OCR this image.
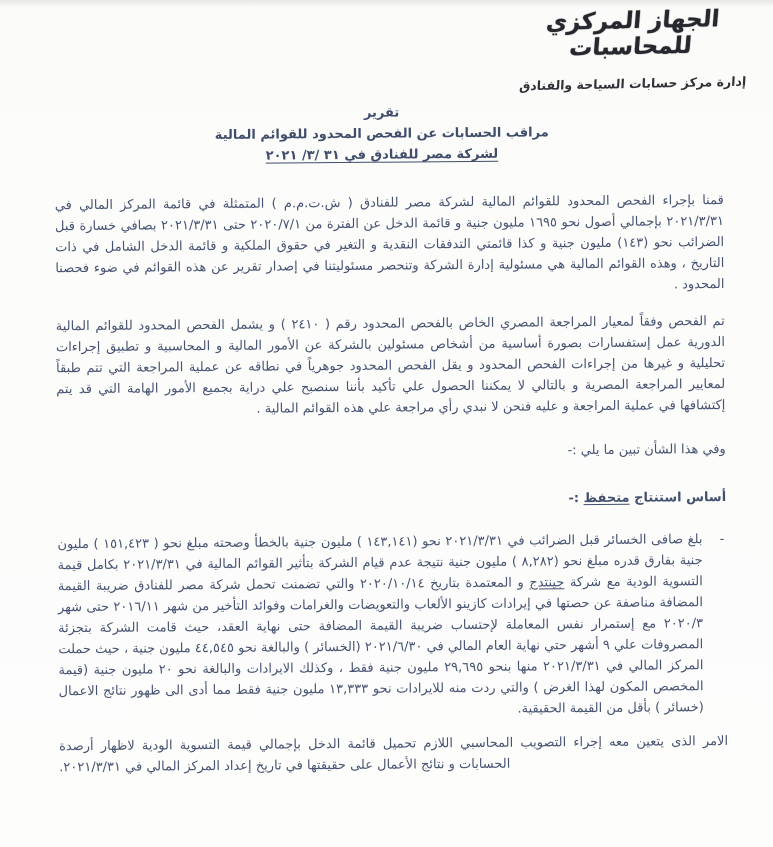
الجهاز المركزي للمحاسبات
إدارة مركز حسابات السياحة والفنادق
تقرير
مراقب الحسابات عن الفحص المحدود للقوائم المالية
لشركة مصر للفنادق في ٣١ /٣/ ٢٠٢١

قمنا بإجراء الفحص المحدود للقوائم المالية لشركة مصر للفنادق ( ش.ت.م.م ) المتمثلة في قائمة المركز المالي في ٢٠٢١/٣/٣١ بإجمالي أصول نحو ١٦٩٥ مليون جنية و قائمة الدخل عن الفترة من ٢٠٢٠/٧/١ حتى ٢٠٢١/٣/٣١ بصافي خسارة قبل الضرائب نحو (١٤٣) مليون جنية و كذا قائمتي التدفقات النقدية و التغير في حقوق الملكية و قائمة الدخل الشامل في ذات التاريخ ، وهذه القوائم المالية هي مسئولية إدارة الشركة وتنحصر مسئوليتنا في إصدار تقرير عن هذه القوائم في ضوء فحصنا المحدود .

تم الفحص وفقاً لمعيار المراجعة المصري الخاص بالفحص المحدود رقم ( ٢٤١٠ ) و يشمل الفحص المحدود للقوائم المالية الدورية عمل إستفسارات بصورة أساسية من أشخاص مسئولين بالشركة عن الأمور المالية و المحاسبية و تطبيق إجراءات تحليلية و غيرها من إجراءات الفحص المحدود و يقل الفحص المحدود جوهرياً في نطاقه عن عملية المراجعة التي تتم طبقاً لمعايير المراجعة المصرية و بالتالي لا يمكننا الحصول علي تأكيد بأننا سنصبح علي دراية بجميع الأمور الهامة التي قد يتم إكتشافها في عملية المراجعة و عليه فنحن لا نبدي رأي مراجعة علي هذه القوائم المالية .

وفي هذا الشأن تبين ما يلي :-

أساس استنتاج متحفظ :-

-

بلغ صافى الخسائر قبل الضرائب في ٢٠٢١/٣/٣١ نحو (١٤٣,١٤١ ) مليون جنية بالخطأ وصحته مبلغ نحو ( ١٥١,٤٢٣ ) مليون جنية بفارق قدره مبلغ نحو (٨,٢٨٢ ) مليون جنية نتيجة عدم قيام الشركة بتأثير القوائم المالية في ٢٠٢١/٣/٣١ بكامل قيمة التسوية الودية مع شركة جينتدج و المعتمدة بتاريخ ٢٠٢٠/١٠/١٤ والتي تضمنت تحمل شركة مصر للفنادق ضريبة القيمة المضافة مناصفة عن حصتها في إيرادات كازينو الألعاب والتعويضات والغرامات وفوائد التأخير من شهر ٢٠١٦/١١ حتى شهر ٢٠٢٠/٣ مع إستمرار نفس المعاملة لإحتساب ضريبة القيمة المضافة حتى نهاية العقد، حيث قامت الشركة بتجزئة المصروفات علي ٩ أشهر حتي نهاية العام المالي في ٢٠٢١/٦/٣٠ (الخسائر ) والبالغة نحو ٤٤,٥٤٥ مليون جنية ، حيث حملت المركز المالي في ٢٠٢١/٣/٣١ منها بنحو ٢٩,٦٩٥ مليون جنية فقط ، وكذلك الايرادات والبالغة نحو ٢٠ مليون جنية (قيمة المخصص المكون لهذا الغرض ) والتي ردت منه للايرادات نحو ١٣,٣٣٣ مليون جنية فقط مما أدى الى ظهور نتائج الاعمال (خسائر ) بأقل من القيمة الحقيقية.

الامر الذى يتعين معه إجراء التصويب المحاسبي اللازم تحميل قائمة الدخل بإجمالي قيمة التسوية الودية لاظهار أرصدة الحسابات و نتائج الأعمال على حقيقتها في تاريخ إعداد المركز المالي في ٢٠٢١/٣/٣١.
